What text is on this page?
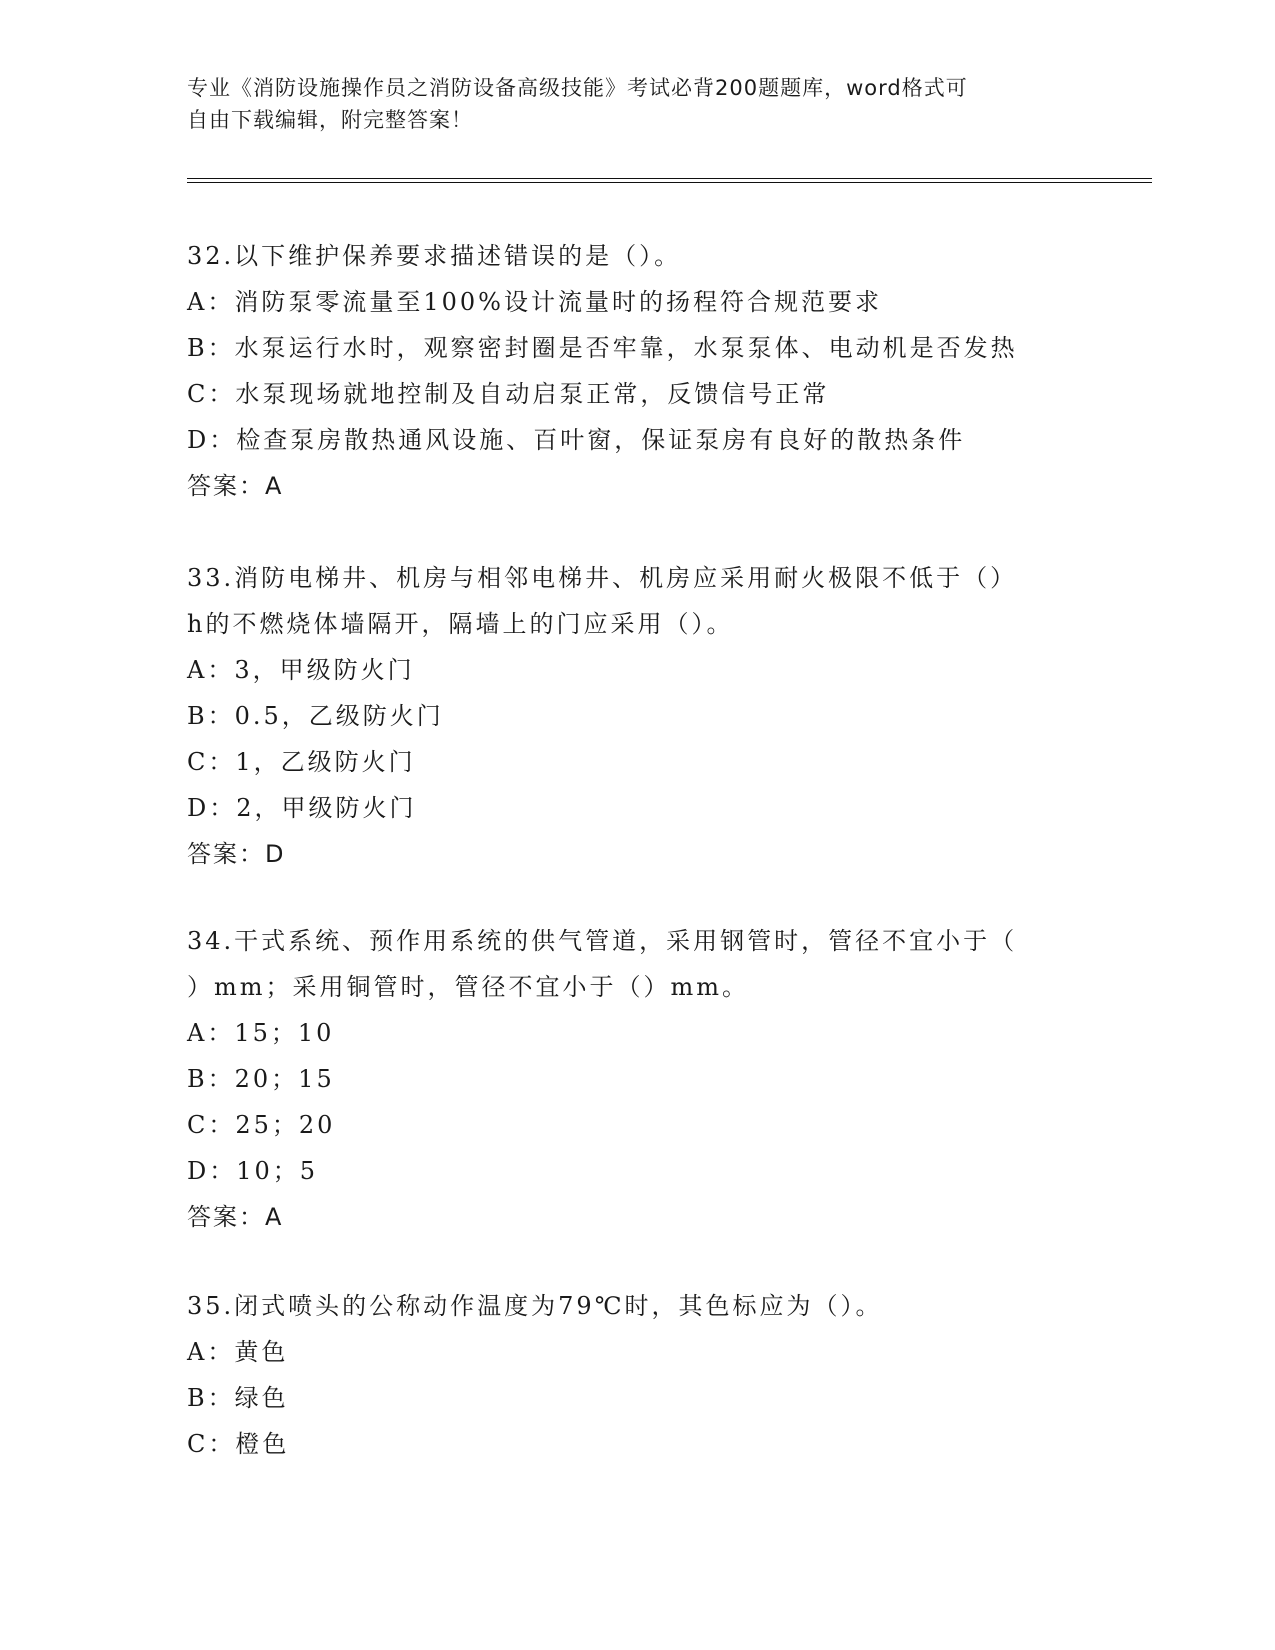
专业《消防设施操作员之消防设备高级技能》考试必背200题题库，word格式可
自由下载编辑，附完整答案！
32.以下维护保养要求描述错误的是（）。
A：消防泵零流量至100%设计流量时的扬程符合规范要求
B：水泵运行水时，观察密封圈是否牢靠，水泵泵体、电动机是否发热
C：水泵现场就地控制及自动启泵正常，反馈信号正常
D：检查泵房散热通风设施、百叶窗，保证泵房有良好的散热条件
答案：A
33.消防电梯井、机房与相邻电梯井、机房应采用耐火极限不低于（）
h的不燃烧体墙隔开，隔墙上的门应采用（）。
A：3，甲级防火门
B：0.5，乙级防火门
C：1，乙级防火门
D：2，甲级防火门
答案：D
34.干式系统、预作用系统的供气管道，采用钢管时，管径不宜小于（
）mm；采用铜管时，管径不宜小于（）mm。
A：15；10
B：20；15
C：25；20
D：10；5
答案：A
35.闭式喷头的公称动作温度为79℃时，其色标应为（）。
A：黄色
B：绿色
C：橙色
